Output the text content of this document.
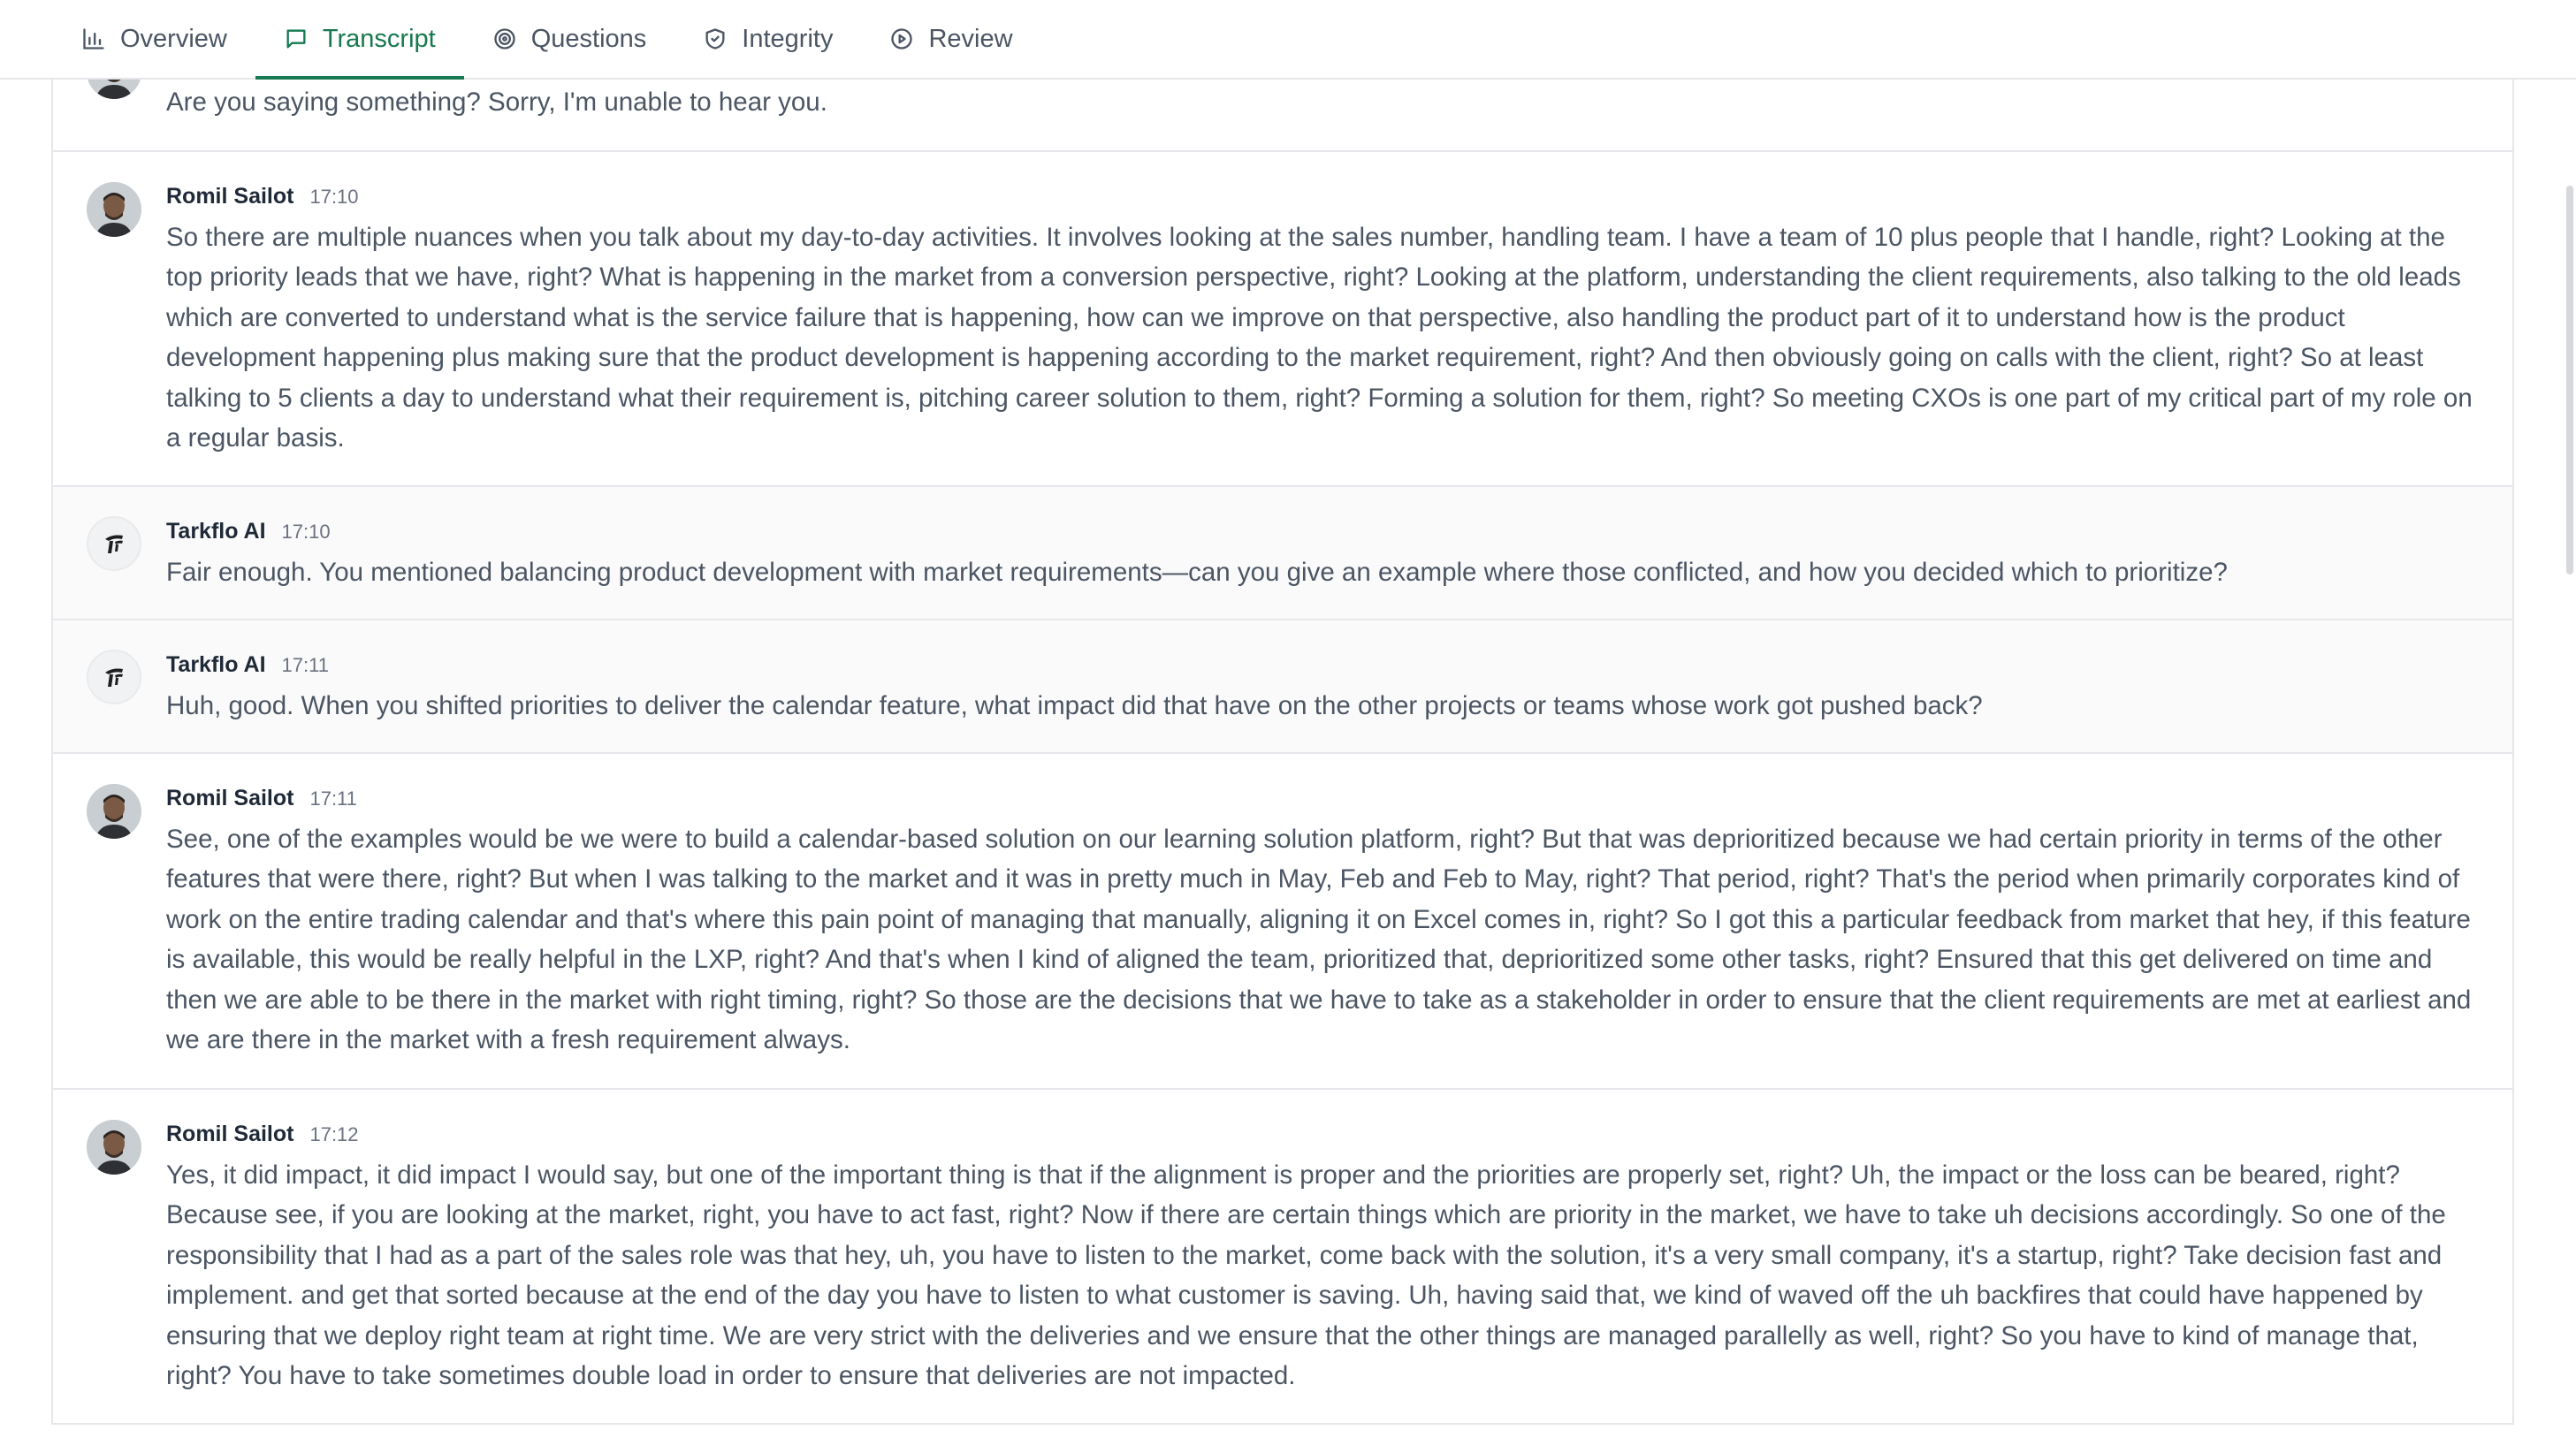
Are you saying something? Sorry, I'm unable to hear you.
Romil Sailot 17:10
So there are multiple nuances when you talk about my day-to-day activities. It involves looking at the sales number, handling team. I have a team of 10 plus people that I handle, right? Looking at the top priority leads that we have, right? What is happening in the market from a conversion perspective, right? Looking at the platform, understanding the client requirements, also talking to the old leads which are converted to understand what is the service failure that is happening, how can we improve on that perspective, also handling the product part of it to understand how is the product development happening plus making sure that the product development is happening according to the market requirement, right? And then obviously going on calls with the client, right? So at least talking to 5 clients a day to understand what their requirement is, pitching career solution to them, right? Forming a solution for them, right? So meeting CXOs is one part of my critical part of my role on a regular basis.
Tarkflo AI 17:10
Fair enough. You mentioned balancing product development with market requirements—can you give an example where those conflicted, and how you decided which to prioritize?
Tarkflo AI 17:11
Huh, good. When you shifted priorities to deliver the calendar feature, what impact did that have on the other projects or teams whose work got pushed back?
Romil Sailot 17:11
See, one of the examples would be we were to build a calendar-based solution on our learning solution platform, right? But that was deprioritized because we had certain priority in terms of the other features that were there, right? But when I was talking to the market and it was in pretty much in May, Feb and Feb to May, right? That period, right? That's the period when primarily corporates kind of work on the entire trading calendar and that's where this pain point of managing that manually, aligning it on Excel comes in, right? So I got this a particular feedback from market that hey, if this feature is available, this would be really helpful in the LXP, right? And that's when I kind of aligned the team, prioritized that, deprioritized some other tasks, right? Ensured that this get delivered on time and then we are able to be there in the market with right timing, right? So those are the decisions that we have to take as a stakeholder in order to ensure that the client requirements are met at earliest and we are there in the market with a fresh requirement always.
Romil Sailot 17:12
Yes, it did impact, it did impact I would say, but one of the important thing is that if the alignment is proper and the priorities are properly set, right? Uh, the impact or the loss can be beared, right? Because see, if you are looking at the market, right, you have to act fast, right? Now if there are certain things which are priority in the market, we have to take uh decisions accordingly. So one of the responsibility that I had as a part of the sales role was that hey, uh, you have to listen to the market, come back with the solution, it's a very small company, it's a startup, right? Take decision fast and implement. and get that sorted because at the end of the day you have to listen to what customer is saving. Uh, having said that, we kind of waved off the uh backfires that could have happened by ensuring that we deploy right team at right time. We are very strict with the deliveries and we ensure that the other things are managed parallelly as well, right? So you have to kind of manage that, right? You have to take sometimes double load in order to ensure that deliveries are not impacted.
Overview	Transcript	Questions	Integrity	Review
